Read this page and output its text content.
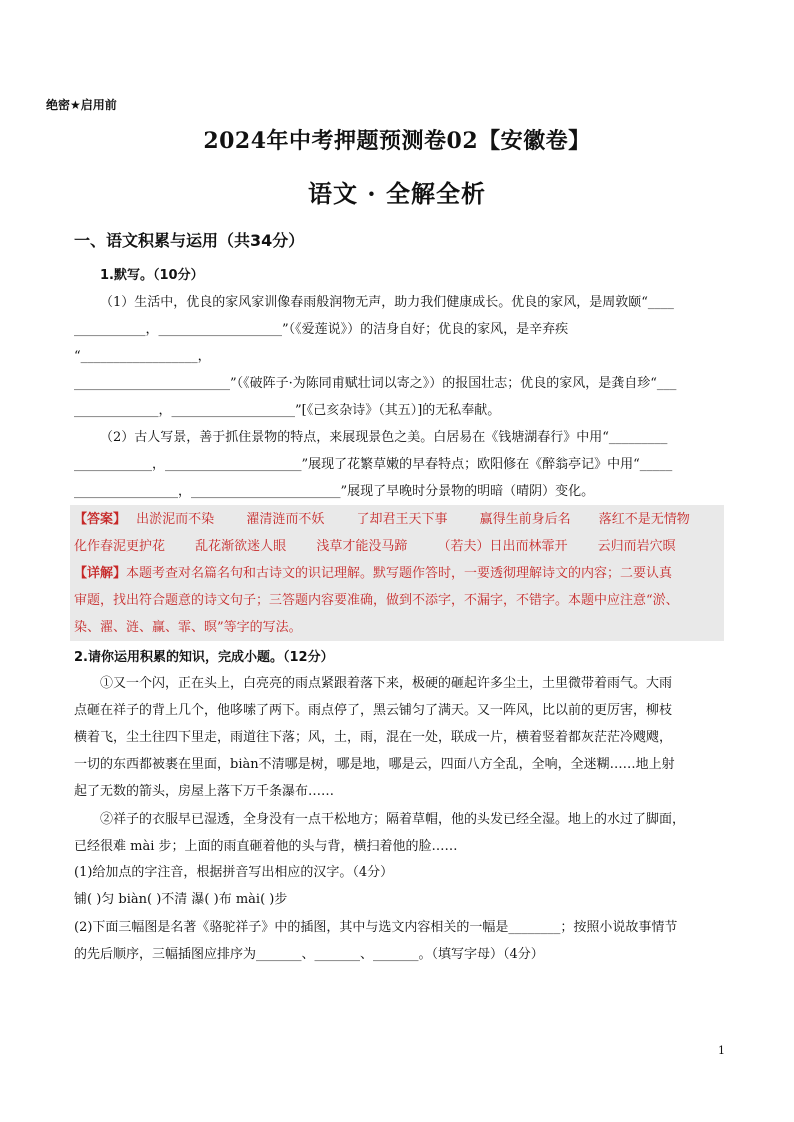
绝密★启用前
2024年中考押题预测卷02【安徽卷】
语文 · 全解全析
一、语文积累与运用（共34分）
1.默写。（10分）
（1）生活中，优良的家风家训像春雨般润物无声，助力我们健康成长。优良的家风，是周敦颐“____
___________，___________________”（《爱莲说》）的洁身自好；优良的家风，是辛弃疾
“__________________，
________________________”（《破阵子·为陈同甫赋壮词以寄之》）的报国壮志；优良的家风，是龚自珍“___
_____________，___________________”[《己亥杂诗》（其五）]的无私奉献。
（2）古人写景，善于抓住景物的特点，来展现景色之美。白居易在《钱塘湖春行》中用“_________
____________，_____________________”展现了花繁草嫩的早春特点；欧阳修在《醉翁亭记》中用“_____
________________，_______________________”展现了早晚时分景物的明暗（晴阴）变化。
【答案】 出淤泥而不染 濯清涟而不妖 了却君王天下事 赢得生前身后名 落红不是无情物
化作春泥更护花 乱花渐欲迷人眼 浅草才能没马蹄 （若夫）日出而林霏开 云归而岩穴暝
【详解】本题考查对名篇名句和古诗文的识记理解。默写题作答时，一要透彻理解诗文的内容；二要认真
审题，找出符合题意的诗文句子；三答题内容要准确，做到不添字，不漏字，不错字。本题中应注意“淤、
染、濯、涟、赢、霏、暝”等字的写法。
2.请你运用积累的知识，完成小题。（12分）
①又一个闪，正在头上，白亮亮的雨点紧跟着落下来，极硬的砸起许多尘土，土里微带着雨气。大雨
点砸在祥子的背上几个，他哆嗦了两下。雨点停了，黑云铺匀了满天。又一阵风，比以前的更厉害，柳枝
横着飞，尘土往四下里走，雨道往下落；风，土，雨，混在一处，联成一片，横着竖着都灰茫茫冷飕飕，
一切的东西都被裹在里面，biàn不清哪是树，哪是地，哪是云，四面八方全乱，全响，全迷糊……地上射
起了无数的箭头，房屋上落下万千条瀑布……
②祥子的衣服早已湿透，全身没有一点干松地方；隔着草帽，他的头发已经全湿。地上的水过了脚面，
已经很难 mài 步；上面的雨直砸着他的头与背，横扫着他的脸……
(1)给加点的字注音，根据拼音写出相应的汉字。（4分）
铺( )匀 biàn( )不清 瀑( )布 mài( )步
(2)下面三幅图是名著《骆驼祥子》中的插图，其中与选文内容相关的一幅是________；按照小说故事情节
的先后顺序，三幅插图应排序为_______、_______、_______。（填写字母）（4分）
1
